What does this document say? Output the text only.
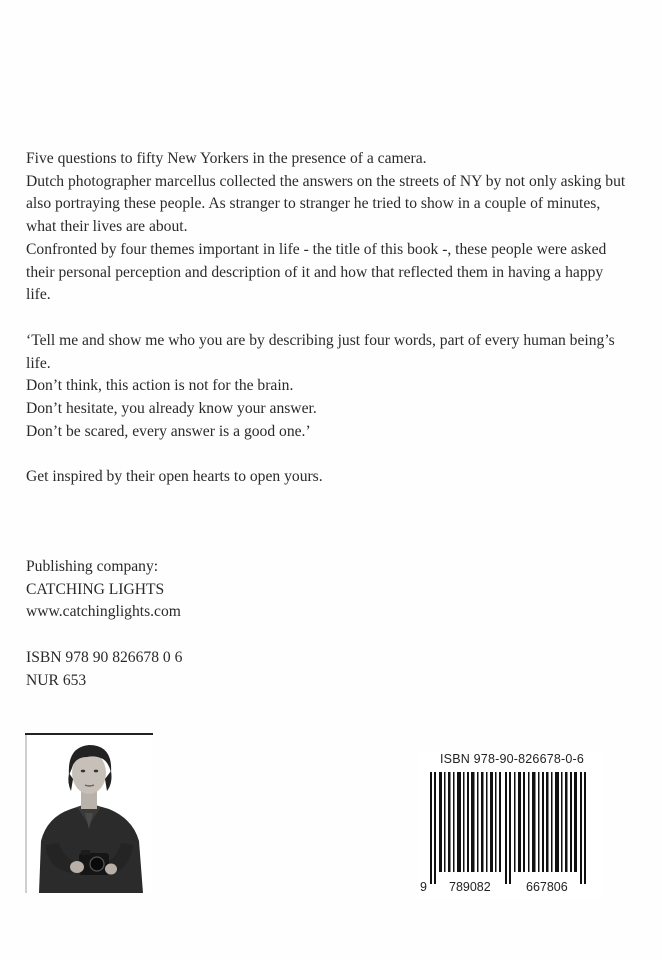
Five questions to fifty New Yorkers in the presence of a camera.

Dutch photographer marcellus collected the answers on the streets of NY by not only asking but also portraying these people. As stranger to stranger he tried to show in a couple of minutes, what their lives are about.

Confronted by four themes important in life - the title of this book -, these people were asked their personal perception and description of it and how that reflected them in having a happy life.

‘Tell me and show me who you are by describing just four words, part of every human being’s life.

Don’t think, this action is not for the brain.

Don’t hesitate, you already know your answer.

Don’t be scared, every answer is a good one.’

Get inspired by their open hearts to open yours.

Publishing company:

CATCHING LIGHTS

www.catchinglights.com

ISBN 978 90 826678 0 6

NUR 653

ISBN 978-90-826678-0-6
9 789082	667806
